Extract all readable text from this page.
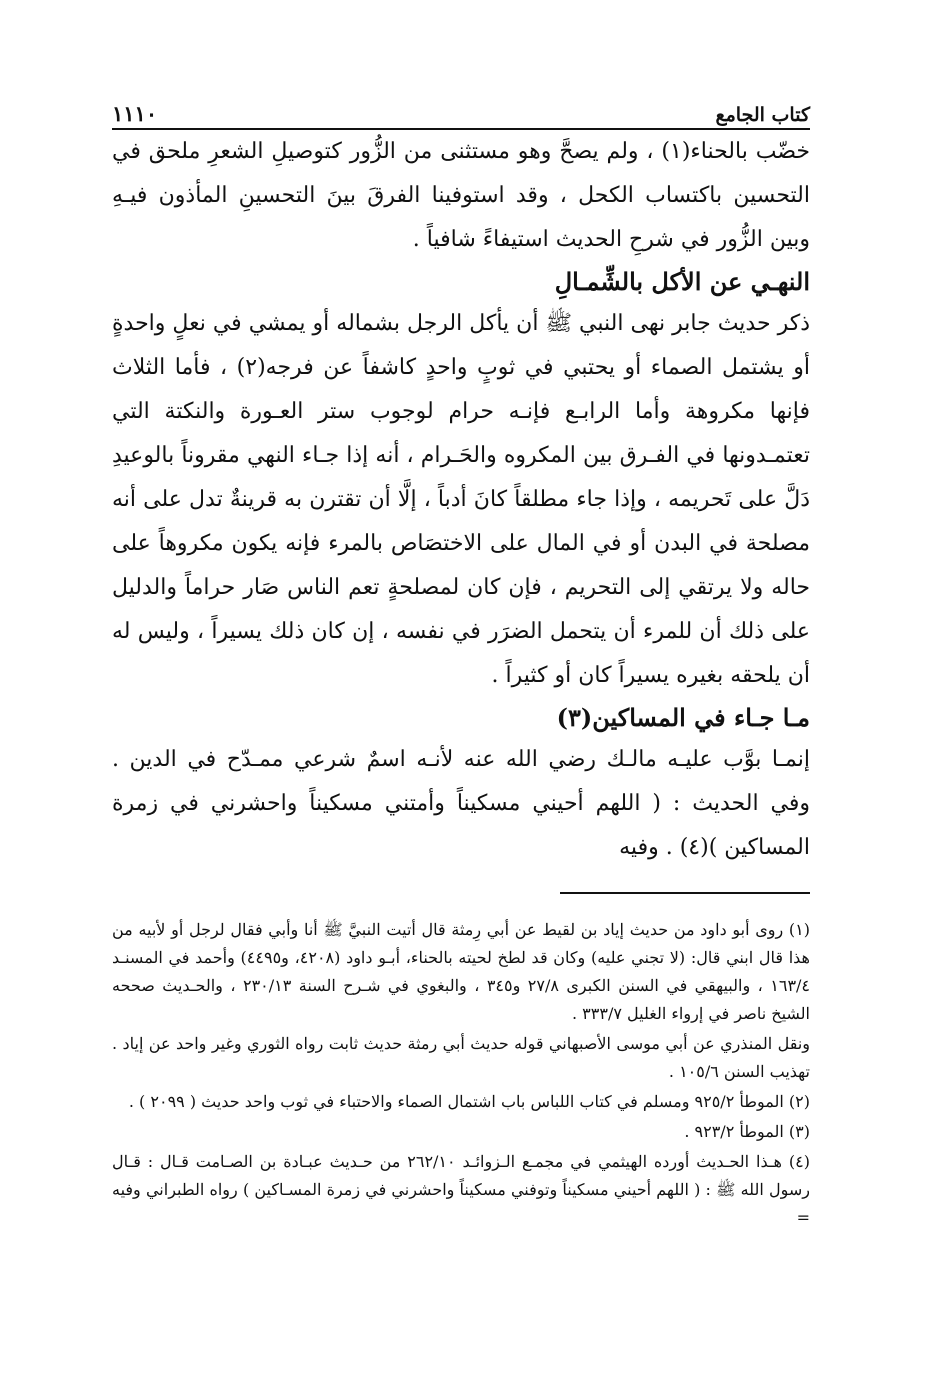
كتاب الجامع
١١١٠

خضّب بالحناء(١) ، ولم يصحَّ وهو مستثنى من الزُّور كتوصيلِ الشعرِ ملحق في التحسين باكتساب الكحل ، وقد استوفينا الفرقَ بينَ التحسينِ المأذون فيـهِ وبين الزُّور في شرحِ الحديث استيفاءً شافياً .

النهـي عن الأكل بالشِّمـالِ

ذكر حديث جابر نهى النبي ﷺ أن يأكل الرجل بشماله أو يمشي في نعلٍ واحدةٍ أو يشتمل الصماء أو يحتبي في ثوبٍ واحدٍ كاشفاً عن فرجه(٢) ، فأما الثلاث فإنها مكروهة وأما الرابـع فإنـه حرام لوجوب ستر العـورة والنكتة التي تعتمـدونها في الفـرق بين المكروه والحَـرام ، أنه إذا جـاء النهي مقروناً بالوعيدِ دَلَّ على تَحريمه ، وإذا جاء مطلقاً كانَ أدباً ، إلَّا أن تقترن به قرينةٌ تدل على أنه مصلحة في البدن أو في المال على الاختصَاص بالمرء فإنه يكون مكروهاً على حاله ولا يرتقي إلى التحريم ، فإن كان لمصلحةٍ تعم الناس صَار حراماً والدليل على ذلك أن للمرء أن يتحمل الضرَر في نفسه ، إن كان ذلك يسيراً ، وليس له أن يلحقه بغيره يسيراً كان أو كثيراً .

مـا جـاء في المساكين(٣)

إنمـا بوَّب عليـه مالـك رضي الله عنه لأنـه اسمٌ شرعي ممـدّح في الدين . وفي الحديث : ( اللهم أحيني مسكيناً وأمتني مسكيناً واحشرني في زمرة المساكين )(٤) . وفيه

(١) روى أبو داود من حديث إياد بن لقيط عن أبي رِمثة قال أتيت النبيَّ ﷺ أنا وأبي فقال لرجل أو لأبيه من هذا قال ابني قال: (لا تجني عليه) وكان قد لطخ لحيته بالحناء، أبـو داود (٤٢٠٨، و٤٤٩٥) وأحمد في المسنـد ١٦٣/٤ ، والبيهقي في السنن الكبرى ٢٧/٨ و٣٤٥ ، والبغوي في شـرح السنة ٢٣٠/١٣ ، والحـديث صححه الشيخ ناصر في إرواء الغليل ٣٣٣/٧ .

ونقل المنذري عن أبي موسى الأصبهاني قوله حديث أبي رمثة حديث ثابت رواه الثوري وغير واحد عن إياد . تهذيب السنن ١٠٥/٦ .

(٢) الموطأ ٩٢٥/٢ ومسلم في كتاب اللباس باب اشتمال الصماء والاحتباء في ثوب واحد حديث ( ٢٠٩٩ ) .

(٣) الموطأ ٩٢٣/٢ .

(٤) هـذا الحـديث أورده الهيثمي في مجمـع الـزوائـد ٢٦٢/١٠ من حـديث عبـادة بن الصـامت قـال : قـال رسول الله ﷺ : ( اللهم أحيني مسكيناً وتوفني مسكيناً واحشرني في زمرة المسـاكين ) رواه الطبراني وفيه =
